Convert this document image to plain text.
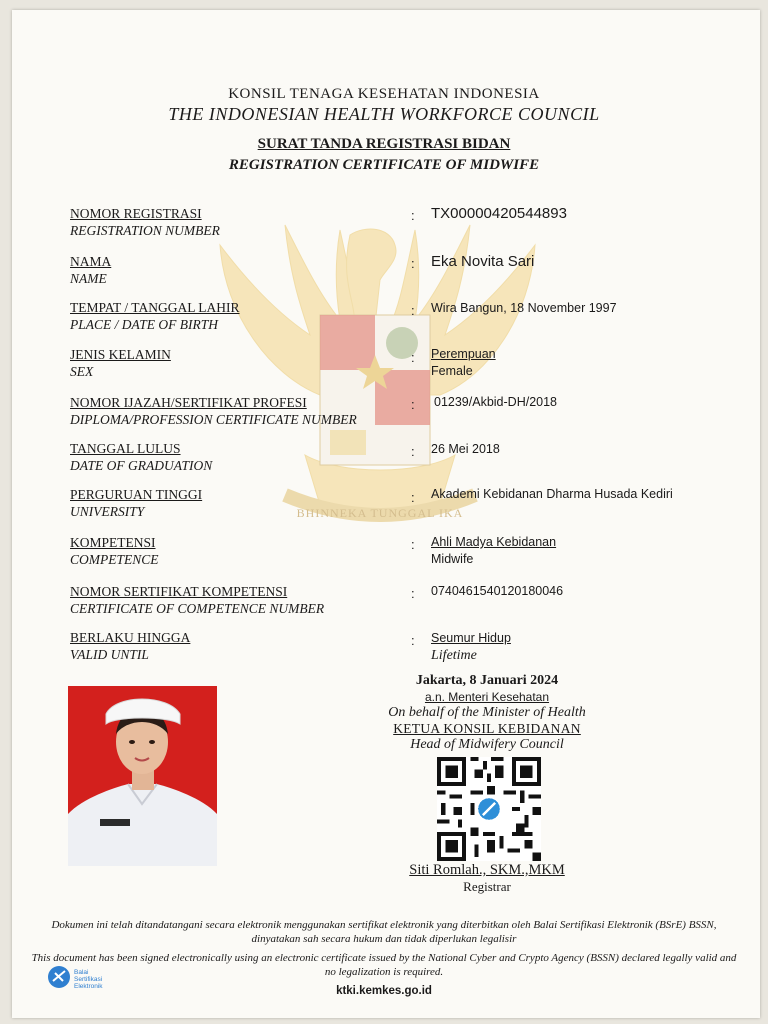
BHINNEKA TUNGGAL IKA
KONSIL TENAGA KESEHATAN INDONESIA
THE INDONESIAN HEALTH WORKFORCE COUNCIL
SURAT TANDA REGISTRASI BIDAN
REGISTRATION CERTIFICATE OF MIDWIFE
NOMOR REGISTRASI
REGISTRATION NUMBER
: TX00000420544893
NAMA
NAME
: Eka Novita Sari
TEMPAT / TANGGAL LAHIR
PLACE / DATE OF BIRTH
: Wira Bangun, 18 November 1997
JENIS KELAMIN
SEX
: Perempuan
Female
NOMOR IJAZAH/SERTIFIKAT PROFESI
DIPLOMA/PROFESSION CERTIFICATE NUMBER
: 01239/Akbid-DH/2018
TANGGAL LULUS
DATE OF GRADUATION
: 26 Mei 2018
PERGURUAN TINGGI
UNIVERSITY
: Akademi Kebidanan Dharma Husada Kediri
KOMPETENSI
COMPETENCE
: Ahli Madya Kebidanan
Midwife
NOMOR SERTIFIKAT KOMPETENSI
CERTIFICATE OF COMPETENCE NUMBER
: 0740461540120180046
BERLAKU HINGGA
VALID UNTIL
: Seumur Hidup
Lifetime
Jakarta, 8 Januari 2024
a.n. Menteri Kesehatan
On behalf of the Minister of Health
KETUA KONSIL KEBIDANAN
Head of Midwifery Council
Siti Romlah., SKM.,MKM
Registrar
Dokumen ini telah ditandatangani secara elektronik menggunakan sertifikat elektronik yang diterbitkan oleh Balai Sertifikasi Elektronik (BSrE) BSSN, dinyatakan sah secara hukum dan tidak diperlukan legalisir
This document has been signed electronically using an electronic certificate issued by the National Cyber and Crypto Agency (BSSN) declared legally valid and no legalization is required.
Balai
Sertifikasi
Elektronik	ktki.kemkes.go.id
